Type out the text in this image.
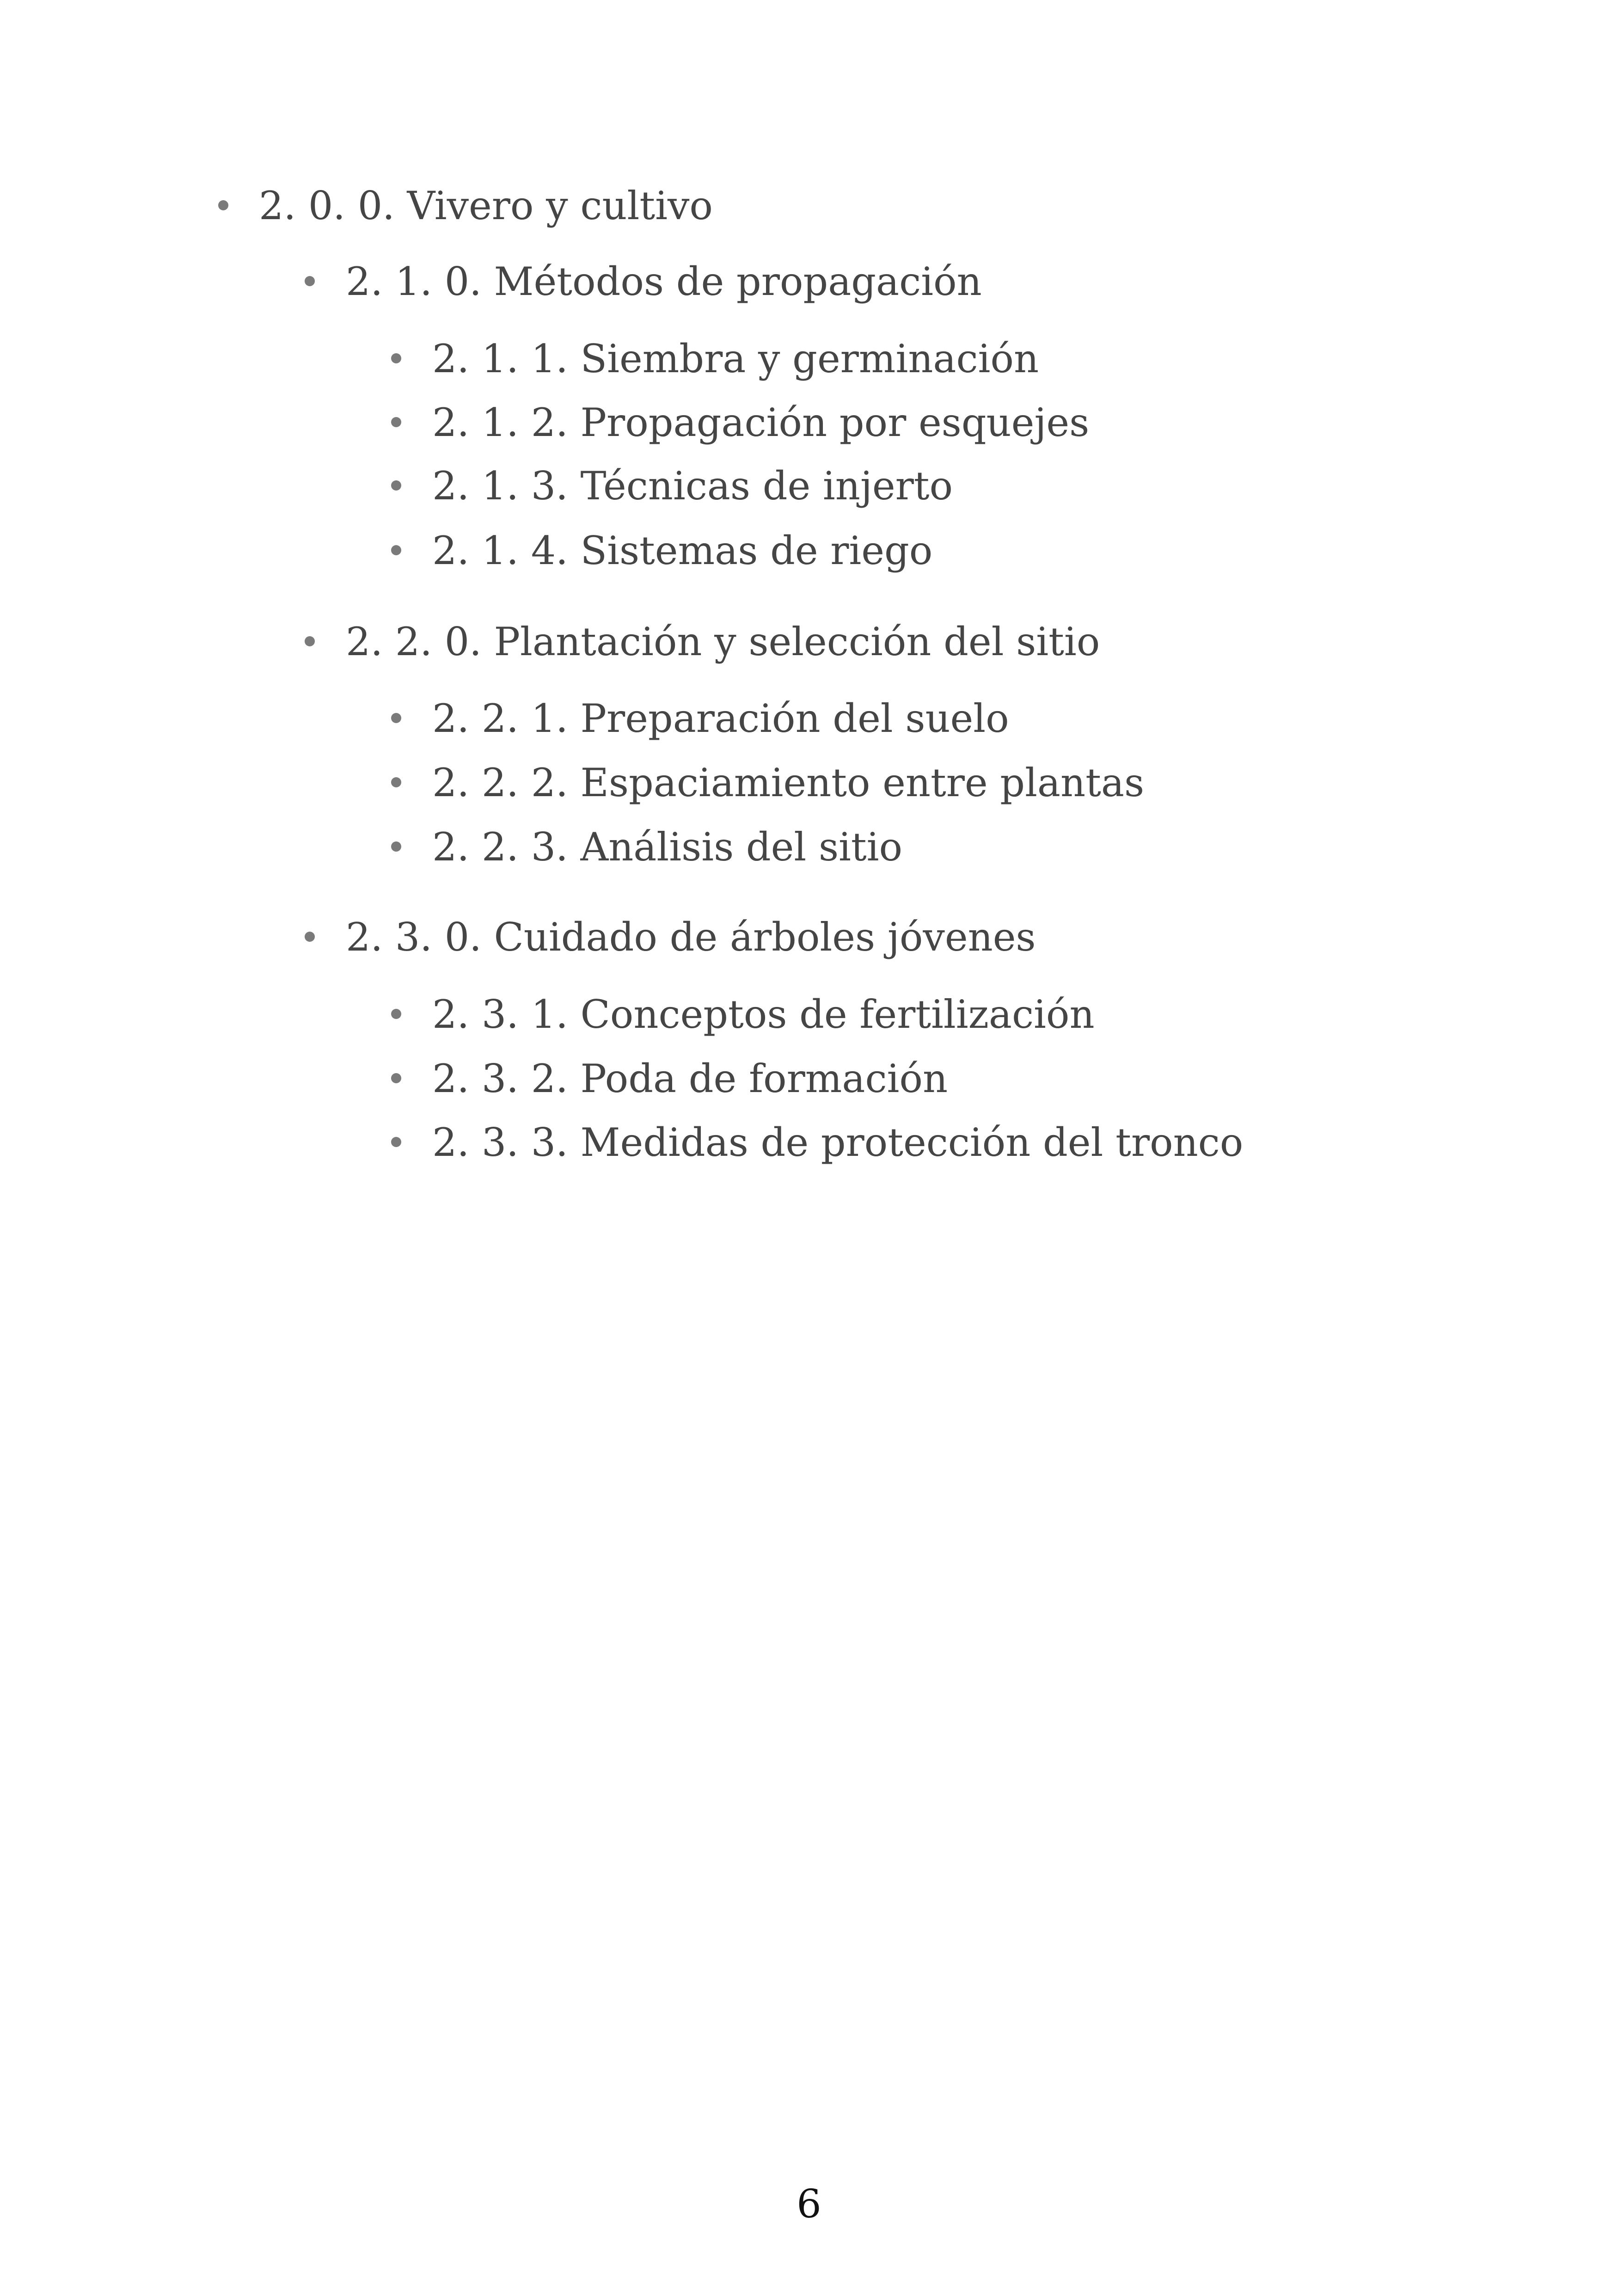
2. 0. 0. Vivero y cultivo
2. 1. 0. Métodos de propagación
2. 1. 1. Siembra y germinación
2. 1. 2. Propagación por esquejes
2. 1. 3. Técnicas de injerto
2. 1. 4. Sistemas de riego
2. 2. 0. Plantación y selección del sitio
2. 2. 1. Preparación del suelo
2. 2. 2. Espaciamiento entre plantas
2. 2. 3. Análisis del sitio
2. 3. 0. Cuidado de árboles jóvenes
2. 3. 1. Conceptos de fertilización
2. 3. 2. Poda de formación
2. 3. 3. Medidas de protección del tronco
6
